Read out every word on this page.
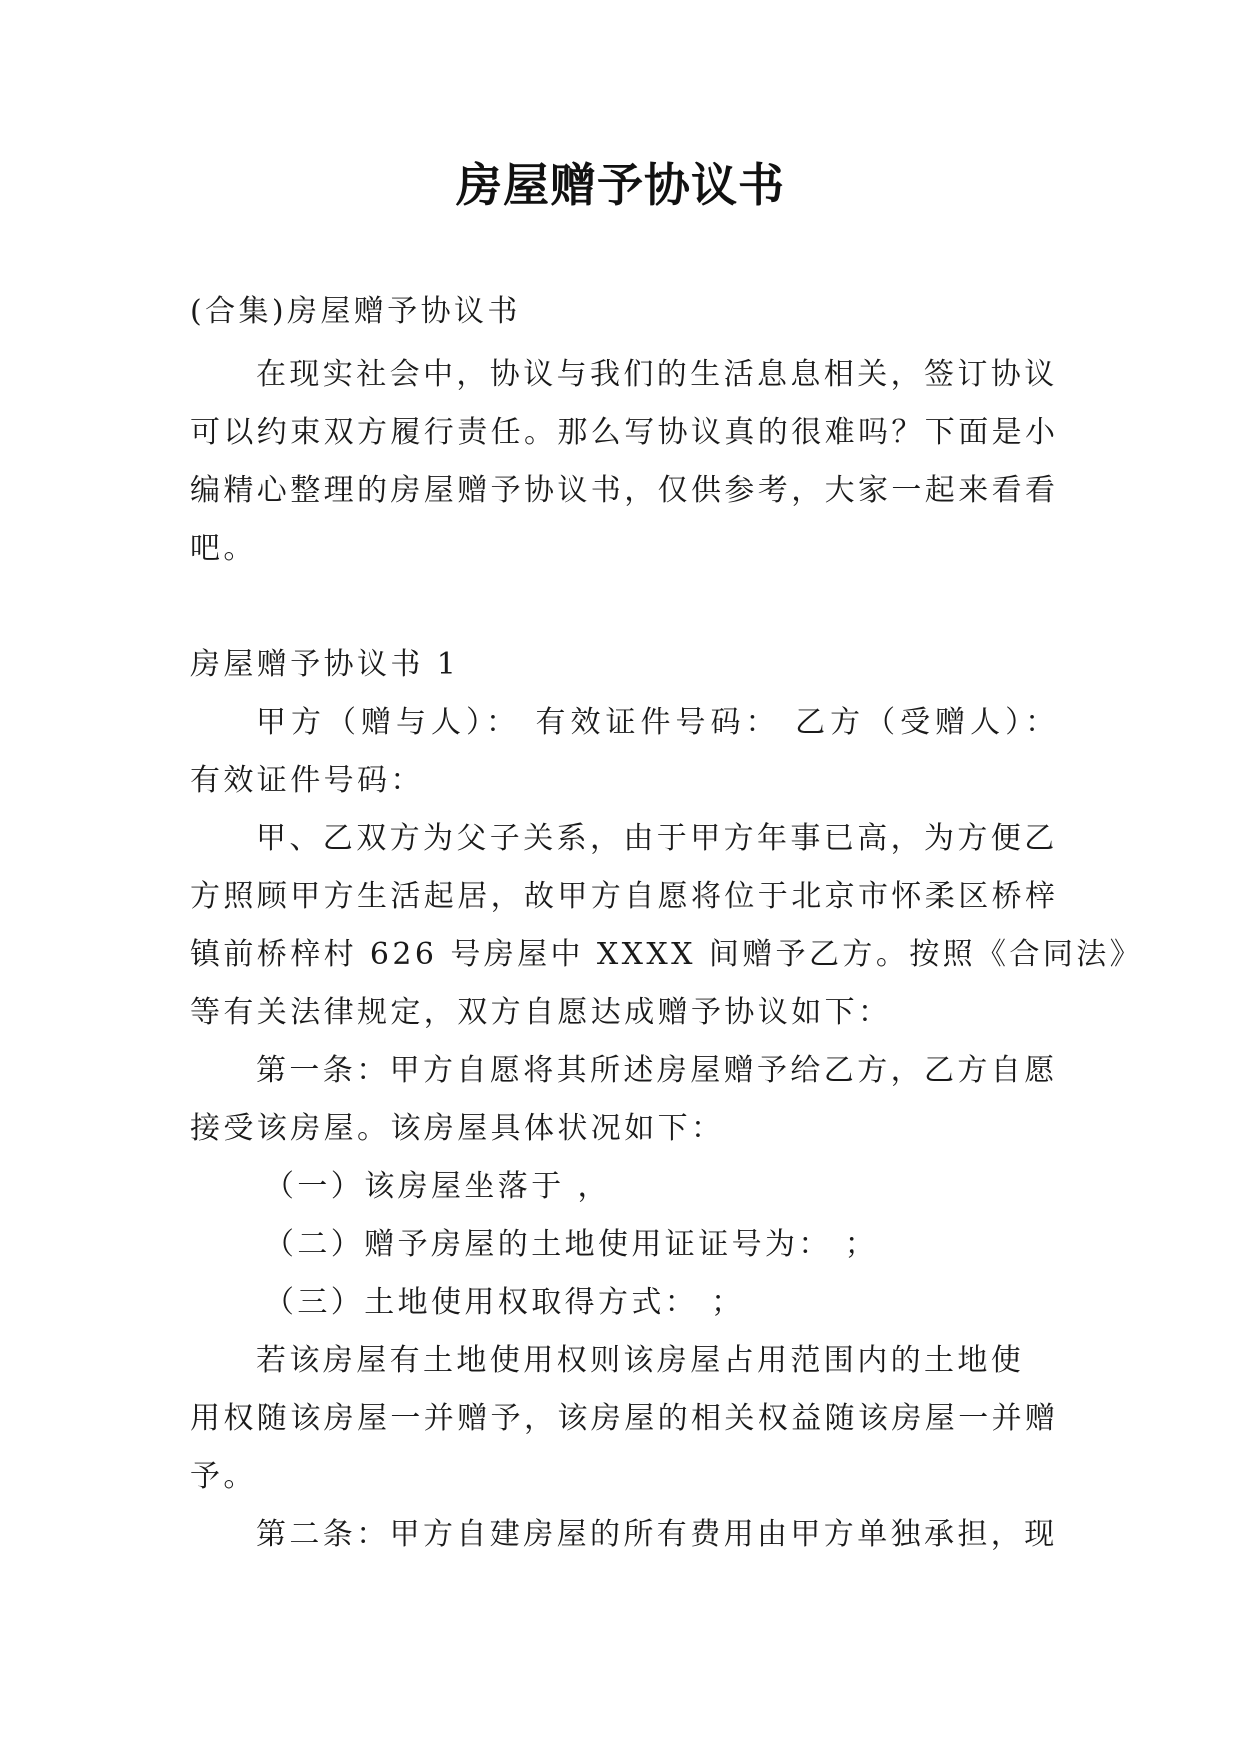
房屋赠予协议书
(合集)房屋赠予协议书
在现实社会中，协议与我们的生活息息相关，签订协议
可以约束双方履行责任。那么写协议真的很难吗？下面是小
编精心整理的房屋赠予协议书，仅供参考，大家一起来看看
吧。
房屋赠予协议书 1
甲方（赠与人）： 有效证件号码： 乙方（受赠人）：
有效证件号码：
甲、乙双方为父子关系，由于甲方年事已高，为方便乙
方照顾甲方生活起居，故甲方自愿将位于北京市怀柔区桥梓
镇前桥梓村 626 号房屋中 XXXX 间赠予乙方。按照《合同法》
等有关法律规定，双方自愿达成赠予协议如下：
第一条：甲方自愿将其所述房屋赠予给乙方，乙方自愿
接受该房屋。该房屋具体状况如下：
（一）该房屋坐落于 ，
（二）赠予房屋的土地使用证证号为： ；
（三）土地使用权取得方式： ；
若该房屋有土地使用权则该房屋占用范围内的土地使
用权随该房屋一并赠予，该房屋的相关权益随该房屋一并赠
予。
第二条：甲方自建房屋的所有费用由甲方单独承担，现
